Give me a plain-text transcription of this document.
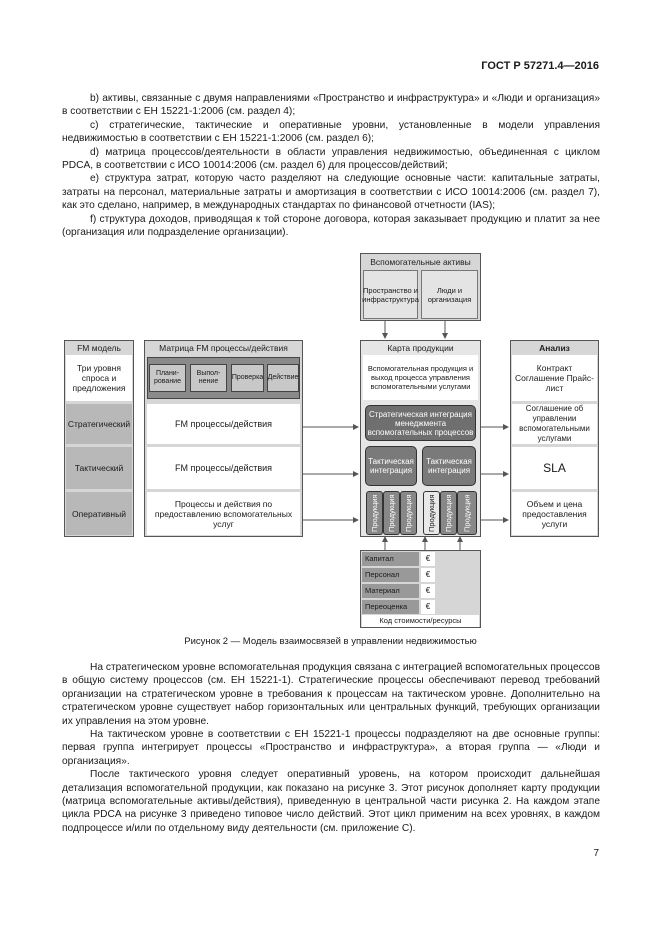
ГОСТ Р 57271.4—2016

b) активы, связанные с двумя направлениями «Пространство и инфраструктура» и «Люди и организация» в соответствии с ЕН 15221-1:2006 (см. раздел 4);

c) стратегические, тактические и оперативные уровни, установленные в модели управления недвижимостью в соответствии с ЕН 15221-1:2006 (см. раздел 6);

d) матрица процессов/деятельности в области управления недвижимостью, объединенная с циклом PDCA, в соответствии с ИСО 10014:2006 (см. раздел 6) для процессов/действий;

e) структура затрат, которую часто разделяют на следующие основные части: капитальные затраты, затраты на персонал, материальные затраты и амортизация в соответствии с ИСО 10014:2006 (см. раздел 7), как это сделано, например, в международных стандартах по финансовой отчетности (IAS);

f) структура доходов, приводящая к той стороне договора, которая заказывает продукцию и платит за нее (организация или подразделение организации).

Вспомогательные активы
Пространство и инфраструктура
Люди и организация
FM модель
Три уровня спроса и предложения
Стратегический
Тактический
Оперативный
Матрица FM процессы/действия
Плани-рование
Выпол-нение
Проверка Действие
FM процессы/действия
FM процессы/действия
Процессы и действия по предоставлению вспомогательных услуг
Карта продукции
Вспомогательная продукция и выход процесса управления вспомогательными услугами
Стратегическая интеграция менеджмента вспомогательных процессов
Тактическая интеграция
Тактическая интеграция
Продукция	Продукция	Продукция	Продукция	Продукция	Продукция
Анализ
Контракт Соглашение Прайс-лист
Соглашение об управлении вспомогательными услугами
SLA
Объем и цена предоставления услуги
Капитал	€
Персонал	€
Материал	€
Переоценка	€
Код стоимости/ресурсы
Рисунок 2 — Модель взаимосвязей в управлении недвижимостью

На стратегическом уровне вспомогательная продукция связана с интеграцией вспомогательных процессов в общую систему процессов (см. ЕН 15221-1). Стратегические процессы обеспечивают перевод требований организации на стратегическом уровне в требования к процессам на тактическом уровне. Дополнительно на стратегическом уровне существует набор горизонтальных или центральных функций, требующих организации их управления на этом уровне.

На тактическом уровне в соответствии с ЕН 15221-1 процессы подразделяют на две основные группы: первая группа интегрирует процессы «Пространство и инфраструктура», а вторая группа — «Люди и организация».

После тактического уровня следует оперативный уровень, на котором происходит дальнейшая детализация вспомогательной продукции, как показано на рисунке 3. Этот рисунок дополняет карту продукции (матрица вспомогательные активы/действия), приведенную в центральной части рисунка 2. На каждом этапе цикла PDCA на рисунке 3 приведено типовое число действий. Этот цикл применим на всех уровнях, в каждом подпроцессе и/или по отдельному виду деятельности (см. приложение С).

7
